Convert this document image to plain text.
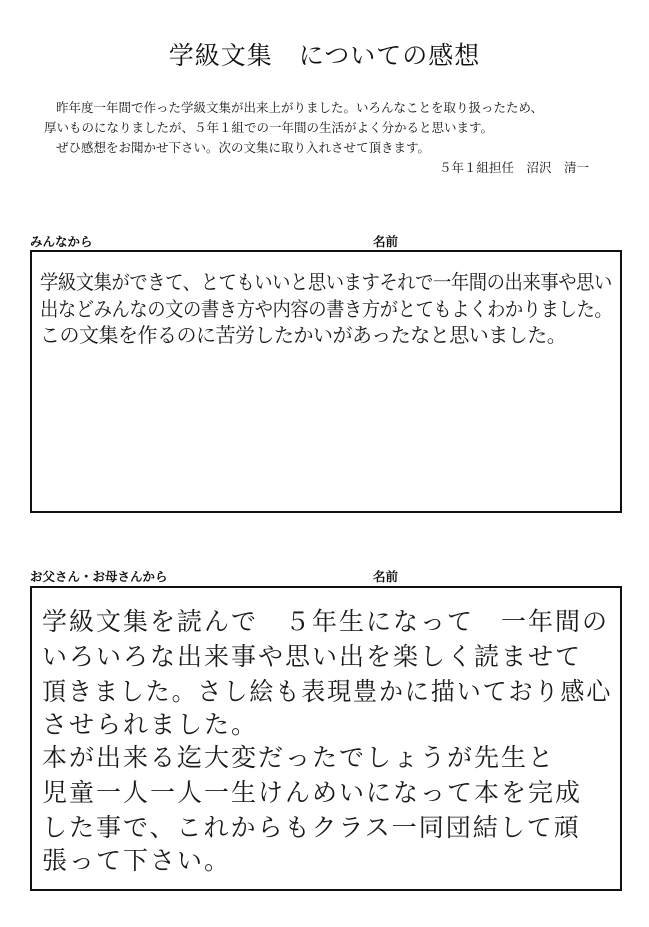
学級文集　についての感想

昨年度一年間で作った学級文集が出来上がりました。いろんなことを取り扱ったため、

厚いものになりましたが、５年１組での一年間の生活がよく分かると思います。

ぜひ感想をお聞かせ下さい。次の文集に取り入れさせて頂きます。

５年１組担任　沼沢　清一
みんなから	名前
学級文集ができて、とてもいいと思いますそれで一年間の出来事や思い
出などみんなの文の書き方や内容の書き方がとてもよくわかりました。
この文集を作るのに苦労したかいがあったなと思いました。
お父さん・お母さんから	名前
学級文集を読んで　５年生になって　一年間の
いろいろな出来事や思い出を楽しく読ませて
頂きました。さし絵も表現豊かに描いており感心
させられました。
本が出来る迄大変だったでしょうが先生と
児童一人一人一生けんめいになって本を完成
した事で、これからもクラス一同団結して頑
張って下さい。
